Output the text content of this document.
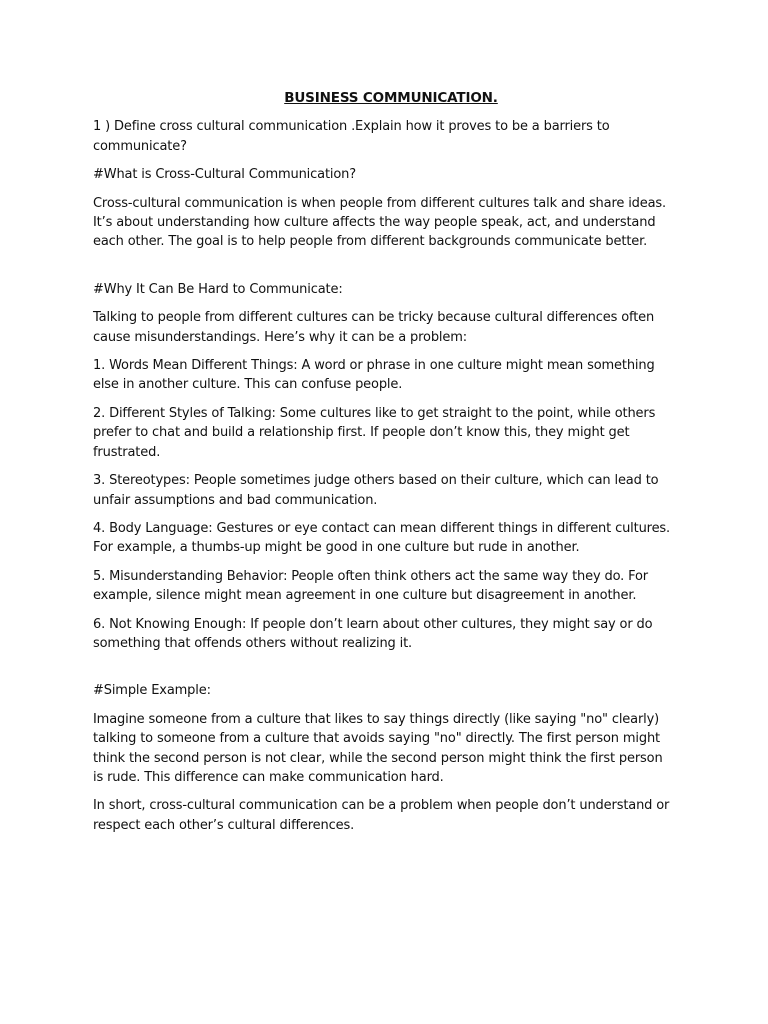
BUSINESS COMMUNICATION.

1 ) Define cross cultural communication .Explain how it proves to be a barriers to communicate?

#What is Cross-Cultural Communication?

Cross-cultural communication is when people from different cultures talk and share ideas. It’s about understanding how culture affects the way people speak, act, and understand each other. The goal is to help people from different backgrounds communicate better.

#Why It Can Be Hard to Communicate:

Talking to people from different cultures can be tricky because cultural differences often cause misunderstandings. Here’s why it can be a problem:

1. Words Mean Different Things: A word or phrase in one culture might mean something else in another culture. This can confuse people.

2. Different Styles of Talking: Some cultures like to get straight to the point, while others prefer to chat and build a relationship first. If people don’t know this, they might get frustrated.

3. Stereotypes: People sometimes judge others based on their culture, which can lead to unfair assumptions and bad communication.

4. Body Language: Gestures or eye contact can mean different things in different cultures. For example, a thumbs-up might be good in one culture but rude in another.

5. Misunderstanding Behavior: People often think others act the same way they do. For example, silence might mean agreement in one culture but disagreement in another.

6. Not Knowing Enough: If people don’t learn about other cultures, they might say or do something that offends others without realizing it.

#Simple Example:

Imagine someone from a culture that likes to say things directly (like saying "no" clearly) talking to someone from a culture that avoids saying "no" directly. The first person might think the second person is not clear, while the second person might think the first person is rude. This difference can make communication hard.

In short, cross-cultural communication can be a problem when people don’t understand or respect each other’s cultural differences.
